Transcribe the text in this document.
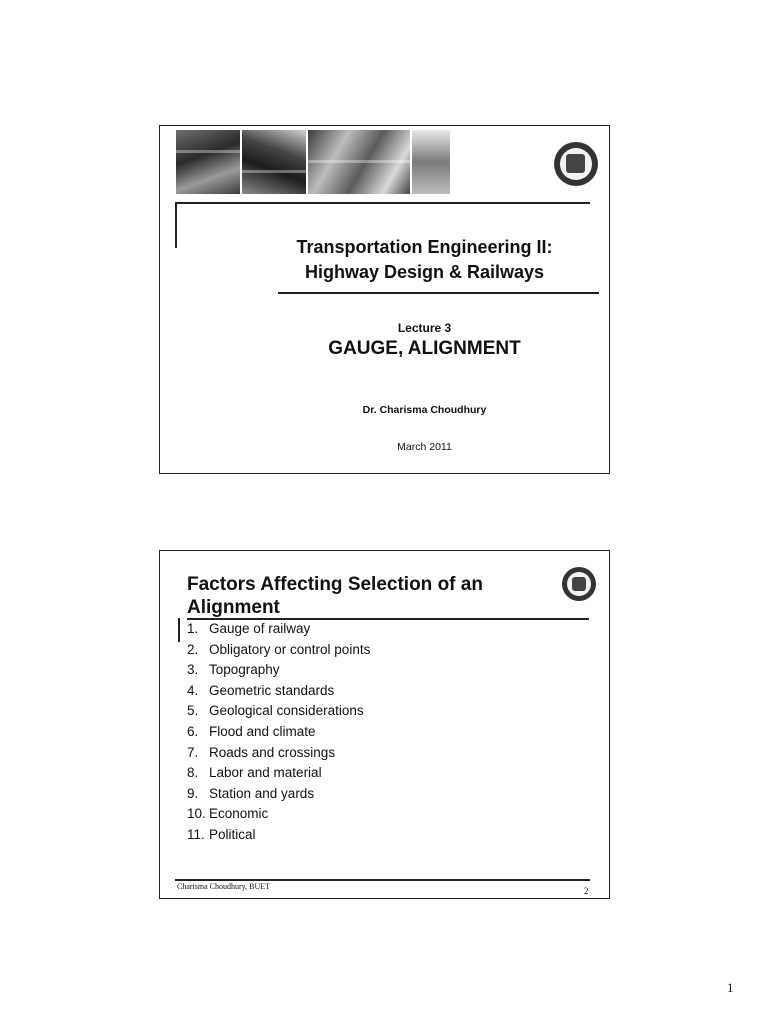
Transportation Engineering II:
Highway Design & Railways
Lecture 3
GAUGE, ALIGNMENT
Dr. Charisma Choudhury
March 2011
Factors Affecting Selection of an Alignment
1. Gauge of railway
2. Obligatory or control points
3. Topography
4. Geometric standards
5. Geological considerations
6. Flood and climate
7. Roads and crossings
8. Labor and material
9. Station and yards
10. Economic
11. Political
Charisma Choudhury, BUET	2
1
